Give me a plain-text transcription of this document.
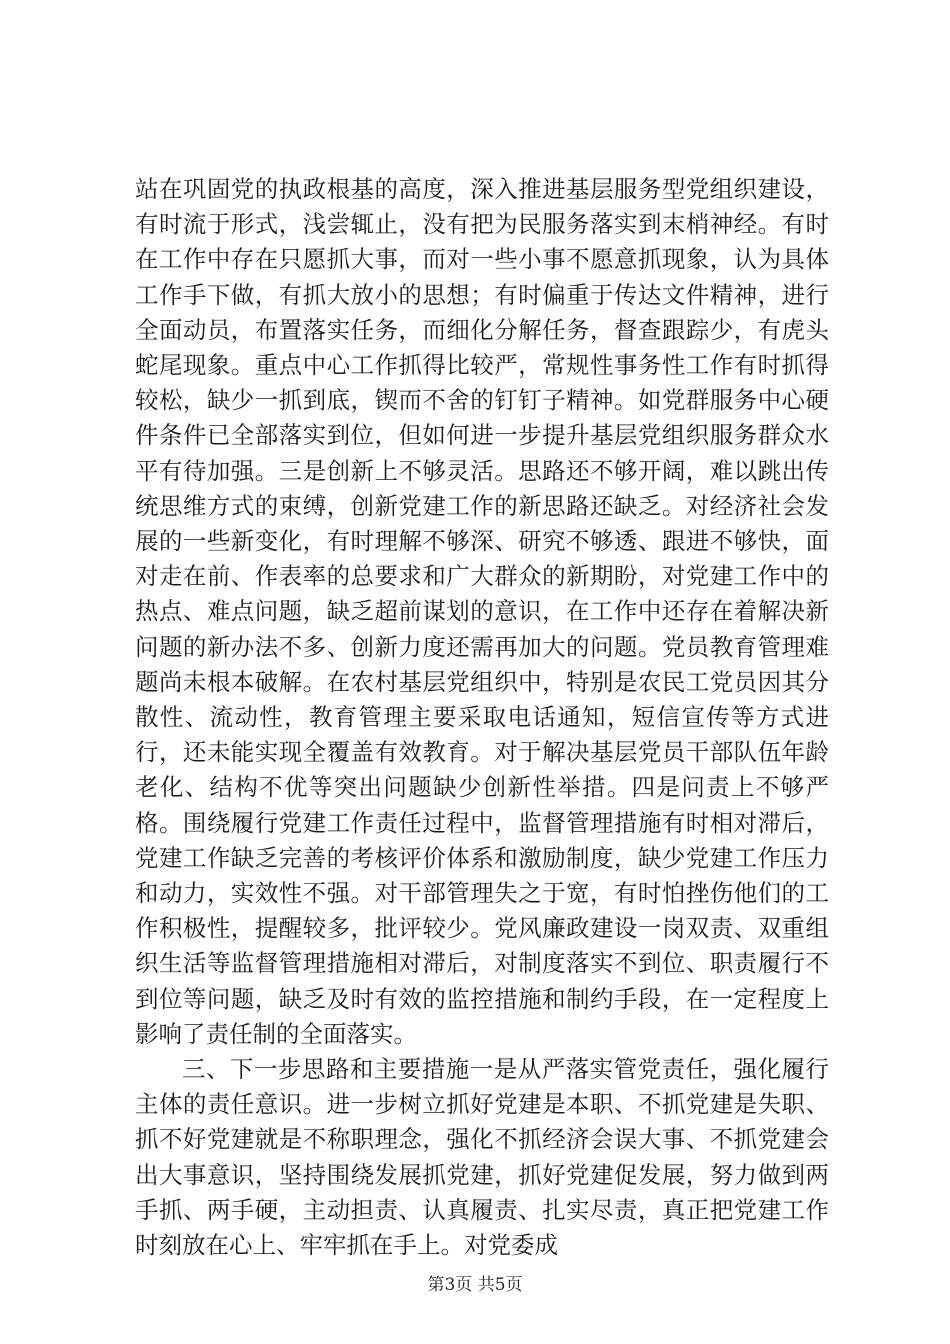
站在巩固党的执政根基的高度，深入推进基层服务型党组织建设，有时流于形式，浅尝辄止，没有把为民服务落实到末梢神经。有时在工作中存在只愿抓大事，而对一些小事不愿意抓现象，认为具体工作手下做，有抓大放小的思想；有时偏重于传达文件精神，进行全面动员，布置落实任务，而细化分解任务，督查跟踪少，有虎头蛇尾现象。重点中心工作抓得比较严，常规性事务性工作有时抓得较松，缺少一抓到底，锲而不舍的钉钉子精神。如党群服务中心硬件条件已全部落实到位，但如何进一步提升基层党组织服务群众水平有待加强。三是创新上不够灵活。思路还不够开阔，难以跳出传统思维方式的束缚，创新党建工作的新思路还缺乏。对经济社会发展的一些新变化，有时理解不够深、研究不够透、跟进不够快，面对走在前、作表率的总要求和广大群众的新期盼，对党建工作中的热点、难点问题，缺乏超前谋划的意识，在工作中还存在着解决新问题的新办法不多、创新力度还需再加大的问题。党员教育管理难题尚未根本破解。在农村基层党组织中，特别是农民工党员因其分散性、流动性，教育管理主要采取电话通知，短信宣传等方式进行，还未能实现全覆盖有效教育。对于解决基层党员干部队伍年龄老化、结构不优等突出问题缺少创新性举措。四是问责上不够严格。围绕履行党建工作责任过程中，监督管理措施有时相对滞后，党建工作缺乏完善的考核评价体系和激励制度，缺少党建工作压力和动力，实效性不强。对干部管理失之于宽，有时怕挫伤他们的工作积极性，提醒较多，批评较少。党风廉政建设一岗双责、双重组织生活等监督管理措施相对滞后，对制度落实不到位、职责履行不到位等问题，缺乏及时有效的监控措施和制约手段，在一定程度上影响了责任制的全面落实。

三、下一步思路和主要措施一是从严落实管党责任，强化履行主体的责任意识。进一步树立抓好党建是本职、不抓党建是失职、抓不好党建就是不称职理念，强化不抓经济会误大事、不抓党建会出大事意识，坚持围绕发展抓党建，抓好党建促发展，努力做到两手抓、两手硬，主动担责、认真履责、扎实尽责，真正把党建工作时刻放在心上、牢牢抓在手上。对党委成

第3页 共5页
